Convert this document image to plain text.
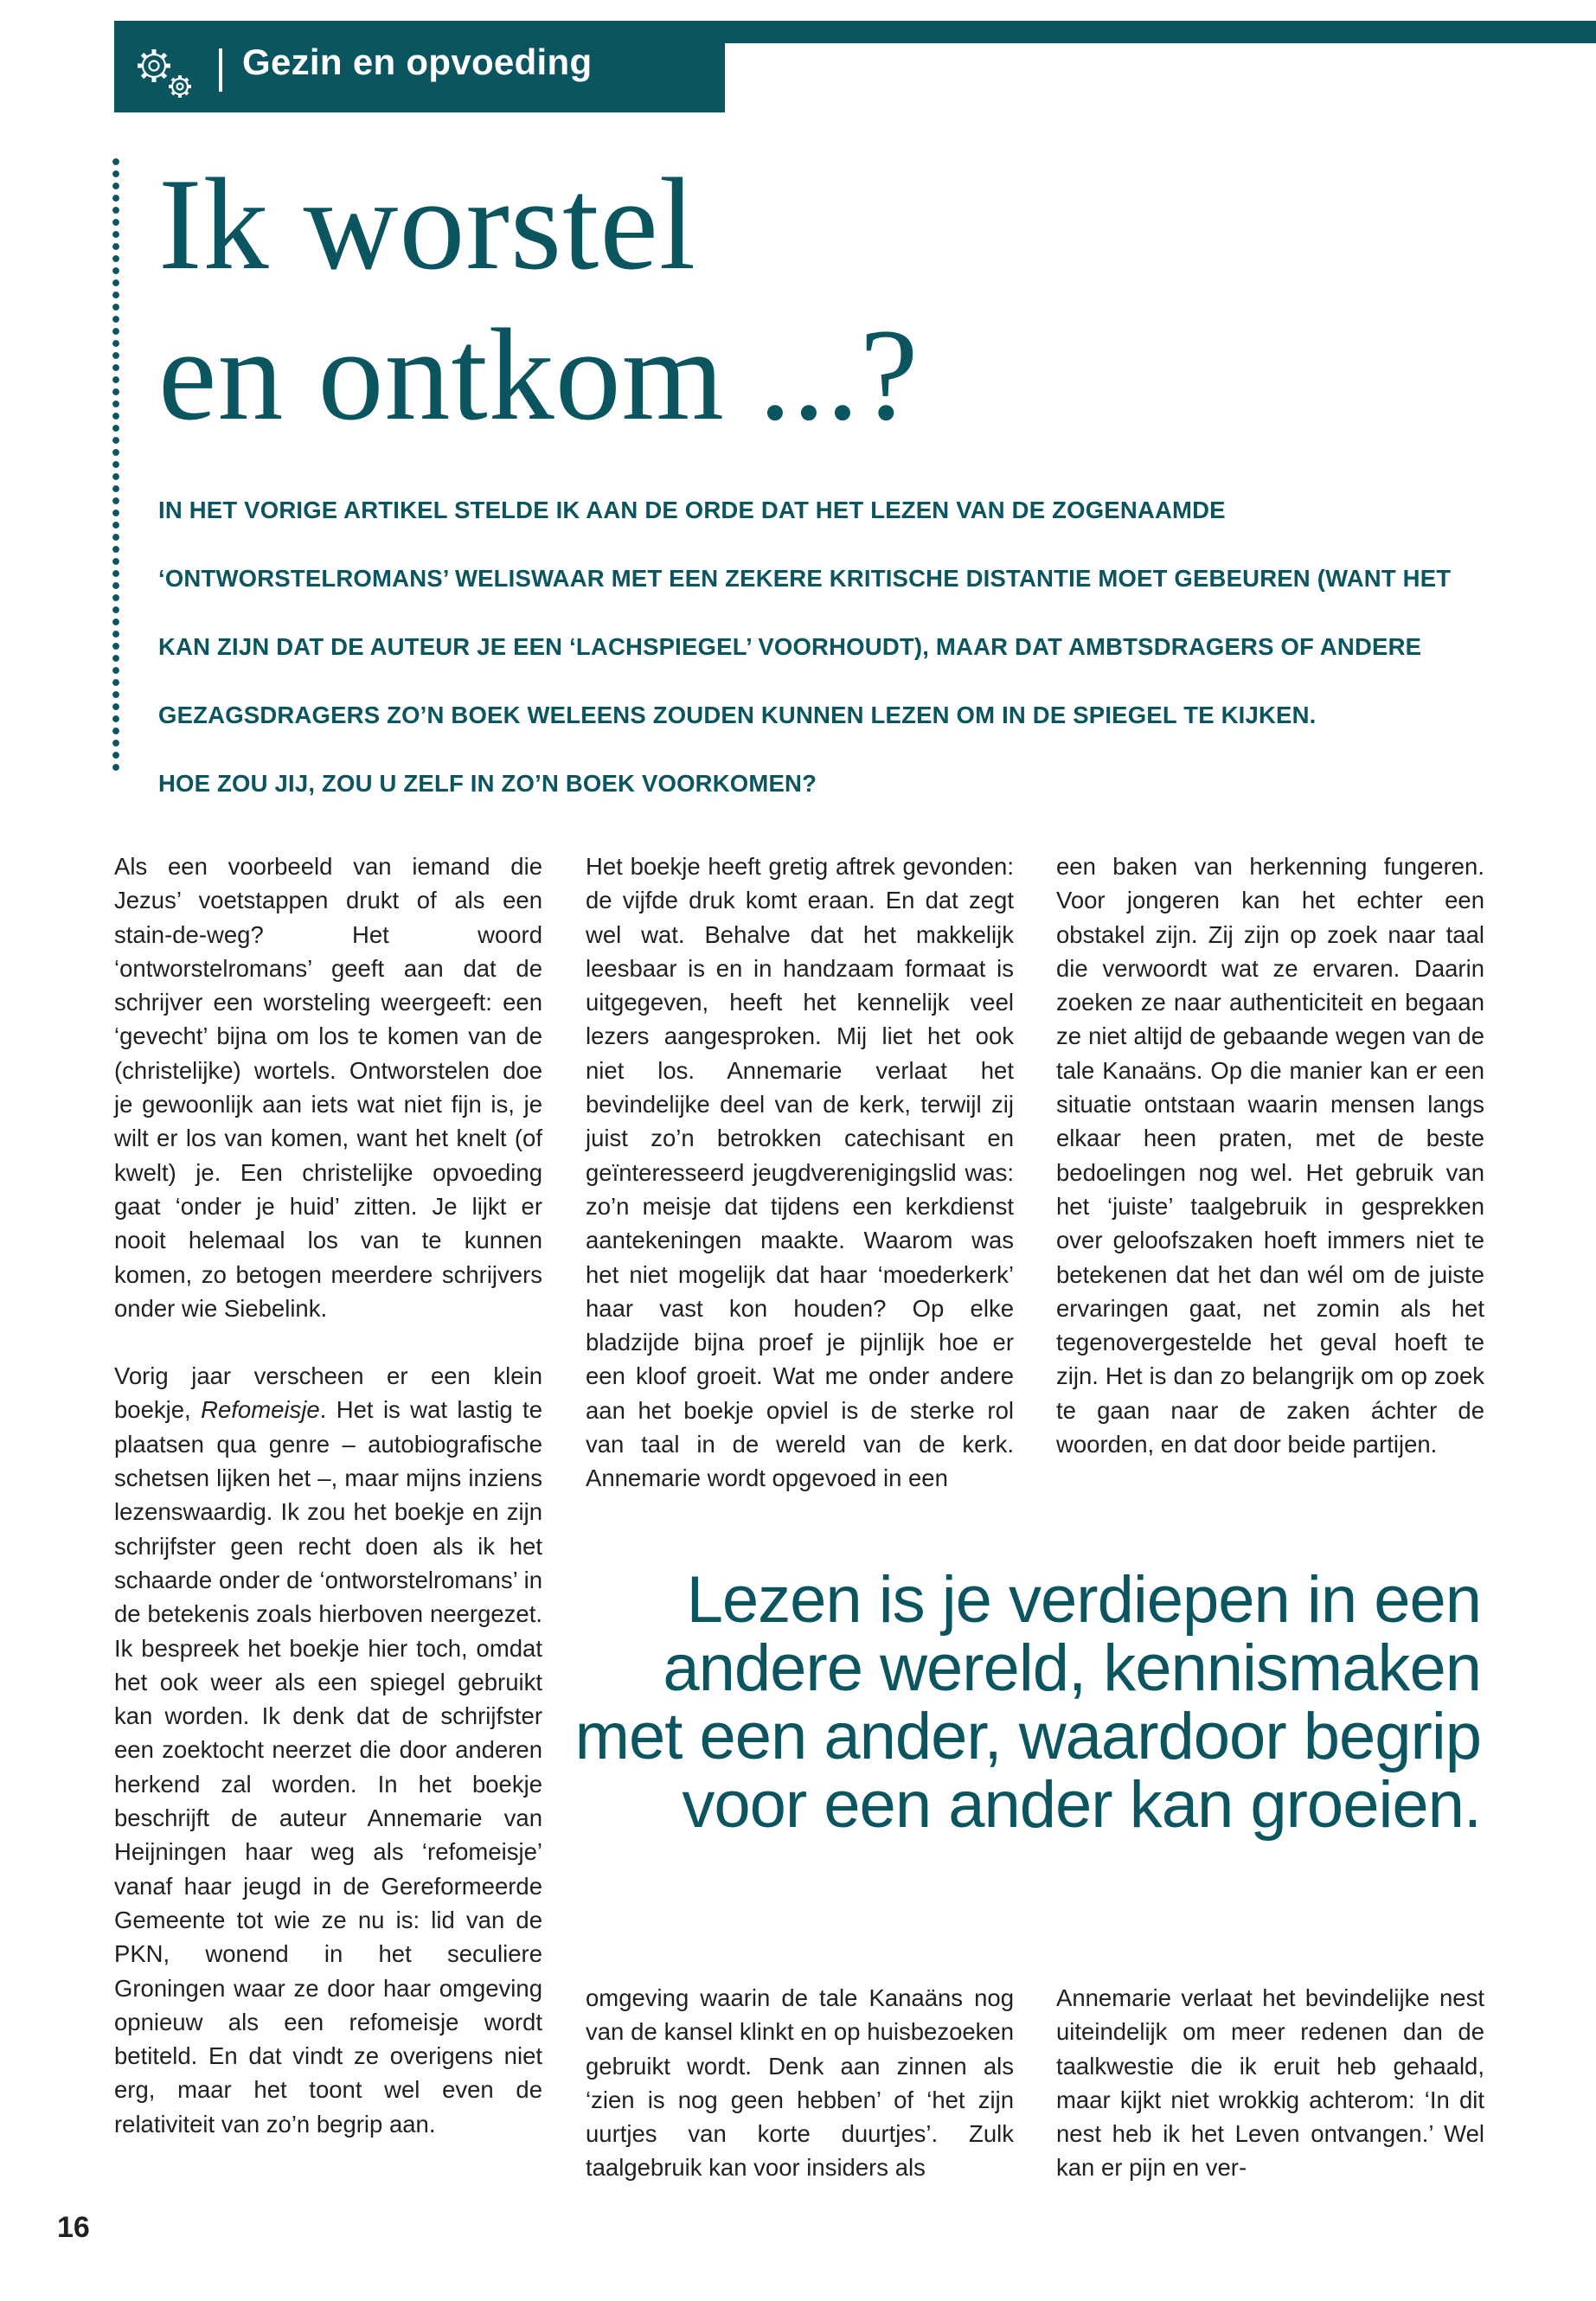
Gezin en opvoeding
Ik worstel
en ontkom ...?

IN HET VORIGE ARTIKEL STELDE IK AAN DE ORDE DAT HET LEZEN VAN DE ZOGENAAMDE

‘ONTWORSTELROMANS’ WELISWAAR MET EEN ZEKERE KRITISCHE DISTANTIE MOET GEBEUREN (WANT HET

KAN ZIJN DAT DE AUTEUR JE EEN ‘LACHSPIEGEL’ VOORHOUDT), MAAR DAT AMBTSDRAGERS OF ANDERE

GEZAGSDRAGERS ZO’N BOEK WELEENS ZOUDEN KUNNEN LEZEN OM IN DE SPIEGEL TE KIJKEN.

HOE ZOU JIJ, ZOU U ZELF IN ZO’N BOEK VOORKOMEN?

Als een voorbeeld van iemand die Jezus’ voetstappen drukt of als een stain-de-weg? Het woord ‘ontworstelromans’ geeft aan dat de schrijver een worsteling weergeeft: een ‘gevecht’ bijna om los te komen van de (christelijke) wortels. Ontworstelen doe je gewoonlijk aan iets wat niet fijn is, je wilt er los van komen, want het knelt (of kwelt) je. Een christelijke opvoeding gaat ‘onder je huid’ zitten. Je lijkt er nooit helemaal los van te kunnen komen, zo betogen meerdere schrijvers onder wie Siebelink.

Vorig jaar verscheen er een klein boekje, Refomeisje. Het is wat lastig te plaatsen qua genre – autobiografische schetsen lijken het –, maar mijns inziens lezenswaardig. Ik zou het boekje en zijn schrijfster geen recht doen als ik het schaarde onder de ‘ontworstelromans’ in de betekenis zoals hierboven neergezet. Ik bespreek het boekje hier toch, omdat het ook weer als een spiegel gebruikt kan worden. Ik denk dat de schrijfster een zoektocht neerzet die door anderen herkend zal worden. In het boekje beschrijft de auteur Annemarie van Heijningen haar weg als ‘refomeisje’ vanaf haar jeugd in de Gereformeerde Gemeente tot wie ze nu is: lid van de PKN, wonend in het seculiere Groningen waar ze door haar omgeving opnieuw als een refomeisje wordt betiteld. En dat vindt ze overigens niet erg, maar het toont wel even de relativiteit van zo’n begrip aan.

Het boekje heeft gretig aftrek gevonden: de vijfde druk komt eraan. En dat zegt wel wat. Behalve dat het makkelijk leesbaar is en in handzaam formaat is uitgegeven, heeft het kennelijk veel lezers aangesproken. Mij liet het ook niet los. Annemarie verlaat het bevindelijke deel van de kerk, terwijl zij juist zo’n betrokken catechisant en geïnteresseerd jeugdverenigingslid was: zo’n meisje dat tijdens een kerkdienst aantekeningen maakte. Waarom was het niet mogelijk dat haar ‘moederkerk’ haar vast kon houden? Op elke bladzijde bijna proef je pijnlijk hoe er een kloof groeit. Wat me onder andere aan het boekje opviel is de sterke rol van taal in de wereld van de kerk. Annemarie wordt opgevoed in een

een baken van herkenning fungeren. Voor jongeren kan het echter een obstakel zijn. Zij zijn op zoek naar taal die verwoordt wat ze ervaren. Daarin zoeken ze naar authenticiteit en begaan ze niet altijd de gebaande wegen van de tale Kanaäns. Op die manier kan er een situatie ontstaan waarin mensen langs elkaar heen praten, met de beste bedoelingen nog wel. Het gebruik van het ‘juiste’ taalgebruik in gesprekken over geloofszaken hoeft immers niet te betekenen dat het dan wél om de juiste ervaringen gaat, net zomin als het tegenovergestelde het geval hoeft te zijn. Het is dan zo belangrijk om op zoek te gaan naar de zaken áchter de woorden, en dat door beide partijen.

Lezen is je verdiepen in een andere wereld, kennismaken met een ander, waardoor begrip voor een ander kan groeien.

omgeving waarin de tale Kanaäns nog van de kansel klinkt en op huisbezoeken gebruikt wordt. Denk aan zinnen als ‘zien is nog geen hebben’ of ‘het zijn uurtjes van korte duurtjes’. Zulk taalgebruik kan voor insiders als

Annemarie verlaat het bevindelijke nest uiteindelijk om meer redenen dan de taalkwestie die ik eruit heb gehaald, maar kijkt niet wrokkig achterom: ‘In dit nest heb ik het Leven ontvangen.’ Wel kan er pijn en ver-

16
